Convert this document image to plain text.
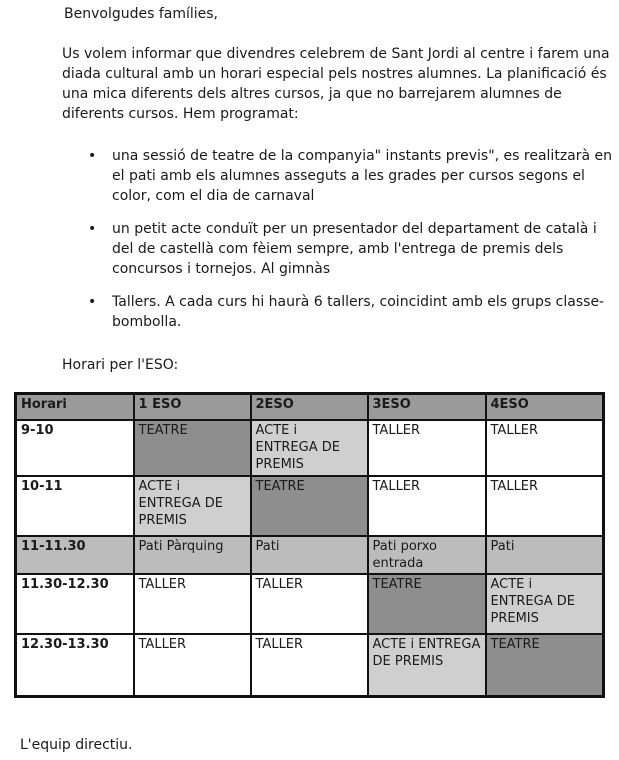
Benvolgudes famílies,
Us volem informar que divendres celebrem de Sant Jordi al centre i farem una diada cultural amb un horari especial pels nostres alumnes. La planificació és una mica diferents dels altres cursos, ja que no barrejarem alumnes de diferents cursos. Hem programat:
• una sessió de teatre de la companyia" instants previs", es realitzarà en el pati amb els alumnes asseguts a les grades per cursos segons el color, com el dia de carnaval
• un petit acte conduït per un presentador del departament de català i del de castellà com fèiem sempre, amb l'entrega de premis dels concursos i tornejos. Al gimnàs
• Tallers. A cada curs hi haurà 6 tallers, coincidint amb els grups classe- bombolla.
Horari per l'ESO:
Horari	1 ESO	2ESO	3ESO	4ESO
9-10	TEATRE	ACTE i ENTREGA DE PREMIS	TALLER	TALLER
10-11	ACTE i ENTREGA DE PREMIS	TEATRE	TALLER	TALLER
11-11.30	Pati Pàrquing	Pati	Pati porxo entrada	Pati
11.30-12.30	TALLER	TALLER	TEATRE	ACTE i ENTREGA DE PREMIS
12.30-13.30	TALLER	TALLER	ACTE i ENTREGA DE PREMIS	TEATRE
L'equip directiu.
